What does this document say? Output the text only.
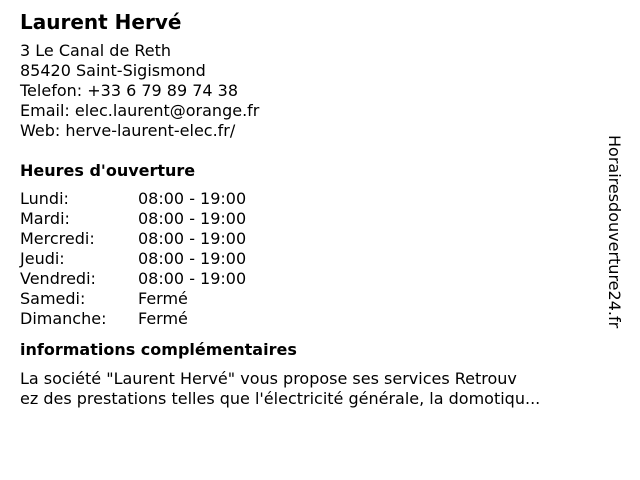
Laurent Hervé
3 Le Canal de Reth
85420 Saint-Sigismond
Telefon: +33 6 79 89 74 38
Email: elec.laurent@orange.fr
Web: herve-laurent-elec.fr/
Heures d'ouverture
Lundi:	08:00 - 19:00
Mardi:	08:00 - 19:00
Mercredi:	08:00 - 19:00
Jeudi:	08:00 - 19:00
Vendredi:	08:00 - 19:00
Samedi:	Fermé
Dimanche:	Fermé
informations complémentaires
La société "Laurent Hervé" vous propose ses services Retrouv
ez des prestations telles que l'électricité générale, la domotiqu...
Horairesdouverture24.fr
